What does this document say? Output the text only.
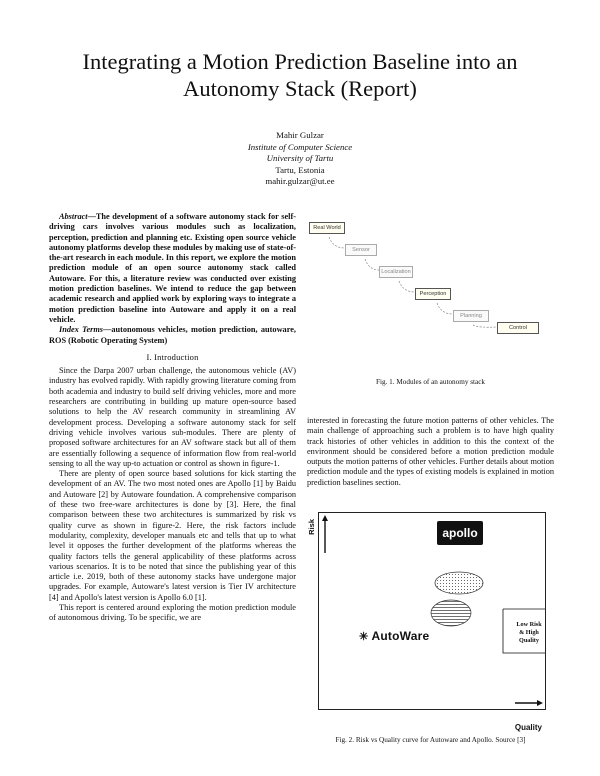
Integrating a Motion Prediction Baseline into an Autonomy Stack (Report)
Mahir Gulzar
Institute of Computer Science
University of Tartu
Tartu, Estonia
mahir.gulzar@ut.ee

Abstract—The development of a software autonomy stack for self-driving cars involves various modules such as localization, perception, prediction and planning etc. Existing open source vehicle autonomy platforms develop these modules by making use of state-of-the-art research in each module. In this report, we explore the motion prediction module of an open source autonomy stack called Autoware. For this, a literature review was conducted over existing motion prediction baselines. We intend to reduce the gap between academic research and applied work by exploring ways to integrate a motion prediction baseline into Autoware and apply it on a real vehicle.

Index Terms—autonomous vehicles, motion prediction, autoware, ROS (Robotic Operating System)

I. Introduction

Since the Darpa 2007 urban challenge, the autonomous vehicle (AV) industry has evolved rapidly. With rapidly growing literature coming from both academia and industry to build self driving vehicles, more and more researchers are contributing in building up mature open-source based solutions to help the AV research community in streamlining AV development process. Developing a software autonomy stack for self driving vehicle involves various sub-modules. There are plenty of proposed software architectures for an AV software stack but all of them are essentially following a sequence of information flow from real-world sensing to all the way up-to actuation or control as shown in figure-1.

There are plenty of open source based solutions for kick starting the development of an AV. The two most noted ones are Apollo [1] by Baidu and Autoware [2] by Autoware foundation. A comprehensive comparison of these two free-ware architectures is done by [3]. Here, the final comparison between these two architectures is summarized by risk vs quality curve as shown in figure-2. Here, the risk factors include modularity, complexity, developer manuals etc and tells that up to what level it opposes the further development of the platforms whereas the quality factors tells the general applicability of these platforms across various scenarios. It is to be noted that since the publishing year of this article i.e. 2019, both of these autonomy stacks have undergone major upgrades. For example, Autoware's latest version is Tier IV architecture [4] and Apollo's latest version is Apollo 6.0 [1].

This report is centered around exploring the motion prediction module of autonomous driving. To be specific, we are

Real World
Sensor
Localization
Perception
Planning
Control
Fig. 1. Modules of an autonomy stack

interested in forecasting the future motion patterns of other vehicles. The main challenge of approaching such a problem is to have high quality track histories of other vehicles in addition to this the context of the environment should be considered before a motion prediction module outputs the motion patterns of other vehicles. Further details about motion prediction module and the types of existing models is explained in motion prediction baselines section.

Risk	apollo
✳ AutoWare
Low Risk
& High
Quality
Quality
Fig. 2. Risk vs Quality curve for Autoware and Apollo. Source [3]
